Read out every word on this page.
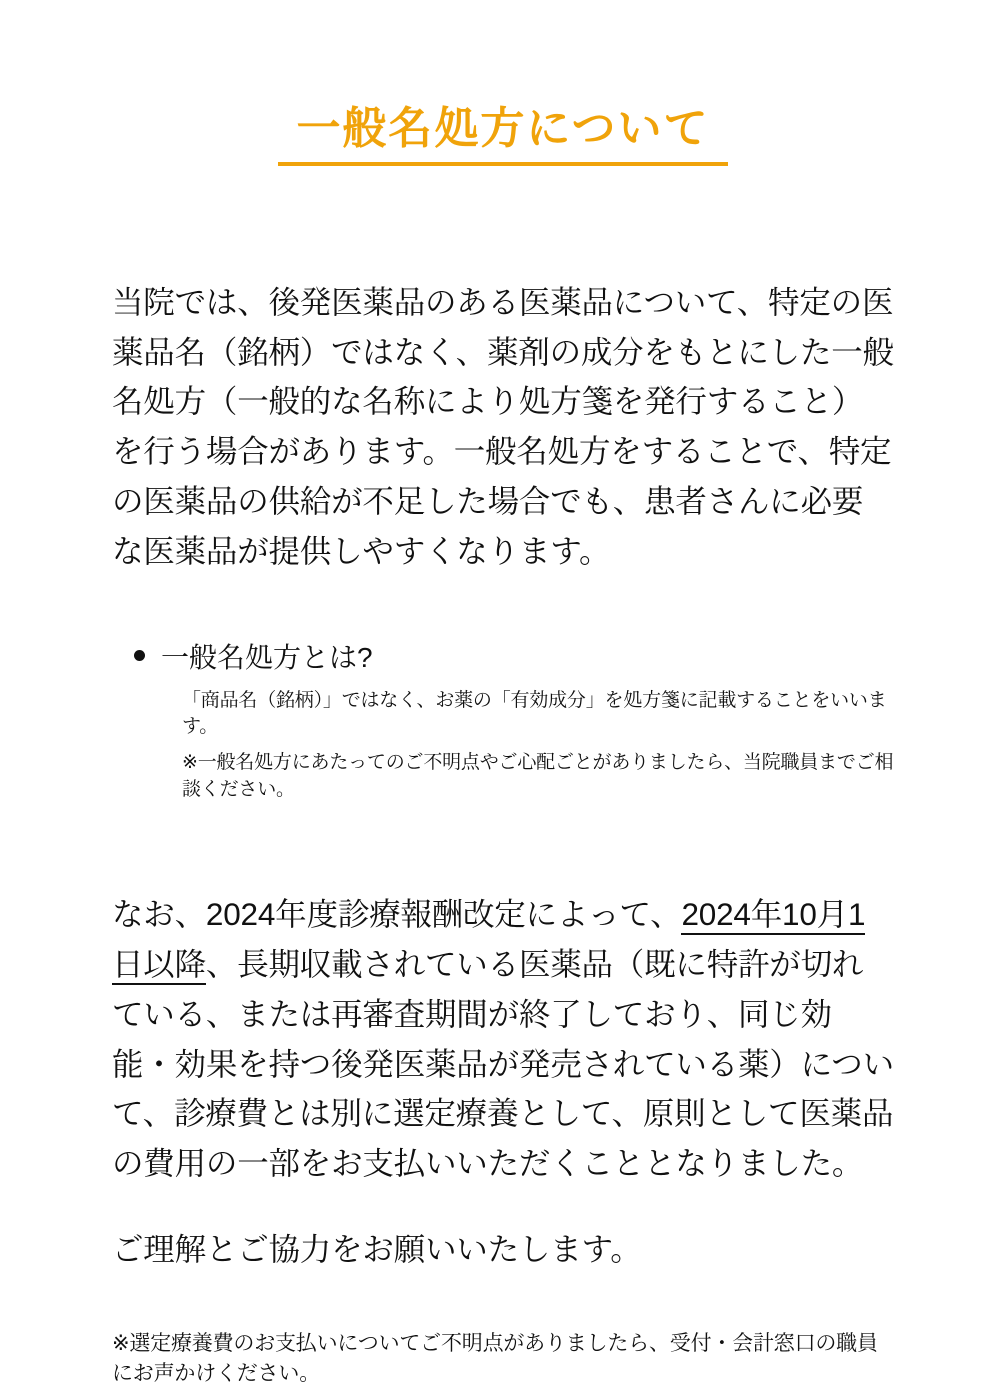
一般名処方について
当院では、後発医薬品のある医薬品について、特定の医薬品名（銘柄）ではなく、薬剤の成分をもとにした一般名処方（一般的な名称により処方箋を発行すること）を行う場合があります。一般名処方をすることで、特定の医薬品の供給が不足した場合でも、患者さんに必要な医薬品が提供しやすくなります。
一般名処方とは?

「商品名（銘柄）」ではなく、お薬の「有効成分」を処方箋に記載することをいいます。

※一般名処方にあたってのご不明点やご心配ごとがありましたら、当院職員までご相談ください。

なお、2024年度診療報酬改定によって、2024年10月1日以降、長期収載されている医薬品（既に特許が切れている、または再審査期間が終了しており、同じ効能・効果を持つ後発医薬品が発売されている薬）について、診療費とは別に選定療養として、原則として医薬品の費用の一部をお支払いいただくこととなりました。
ご理解とご協力をお願いいたします。

※選定療養費のお支払いについてご不明点がありましたら、受付・会計窓口の職員にお声かけください。
